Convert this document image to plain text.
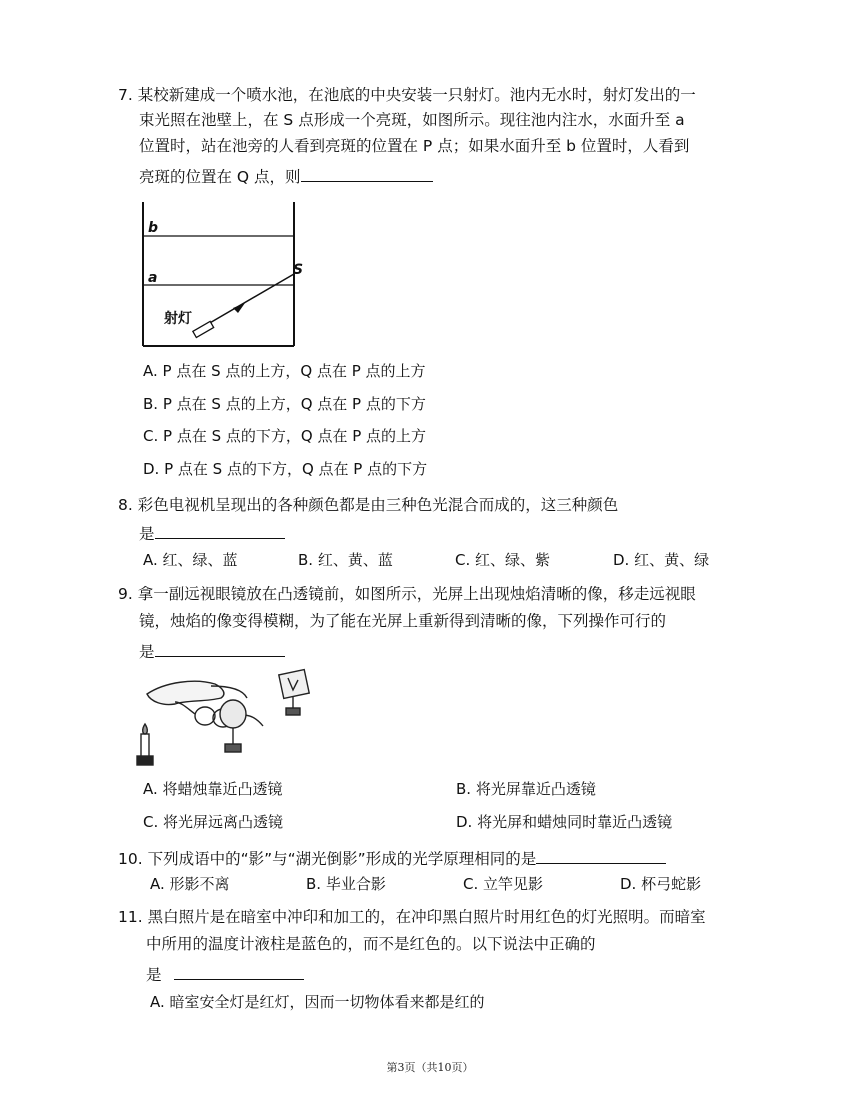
7. 某校新建成一个喷水池，在池底的中央安装一只射灯。池内无水时，射灯发出的一
束光照在池壁上，在 S 点形成一个亮斑，如图所示。现往池内注水，水面升至 a
位置时，站在池旁的人看到亮斑的位置在 P 点；如果水面升至 b 位置时，人看到
亮斑的位置在 Q 点，则
b
a	S
射灯
A. P 点在 S 点的上方，Q 点在 P 点的上方
B. P 点在 S 点的上方，Q 点在 P 点的下方
C. P 点在 S 点的下方，Q 点在 P 点的上方
D. P 点在 S 点的下方，Q 点在 P 点的下方
8. 彩色电视机呈现出的各种颜色都是由三种色光混合而成的，这三种颜色
是
A. 红、绿、蓝	B. 红、黄、蓝	C. 红、绿、紫	D. 红、黄、绿
9. 拿一副远视眼镜放在凸透镜前，如图所示，光屏上出现烛焰清晰的像，移走远视眼
镜，烛焰的像变得模糊，为了能在光屏上重新得到清晰的像，下列操作可行的
是
A. 将蜡烛靠近凸透镜	B. 将光屏靠近凸透镜
C. 将光屏远离凸透镜	D. 将光屏和蜡烛同时靠近凸透镜
10. 下列成语中的“影”与“湖光倒影”形成的光学原理相同的是
A. 形影不离	B. 毕业合影	C. 立竿见影	D. 杯弓蛇影
11. 黑白照片是在暗室中冲印和加工的，在冲印黑白照片时用红色的灯光照明。而暗室
中所用的温度计液柱是蓝色的，而不是红色的。以下说法中正确的
是
A. 暗室安全灯是红灯，因而一切物体看来都是红的
第3页（共10页）
